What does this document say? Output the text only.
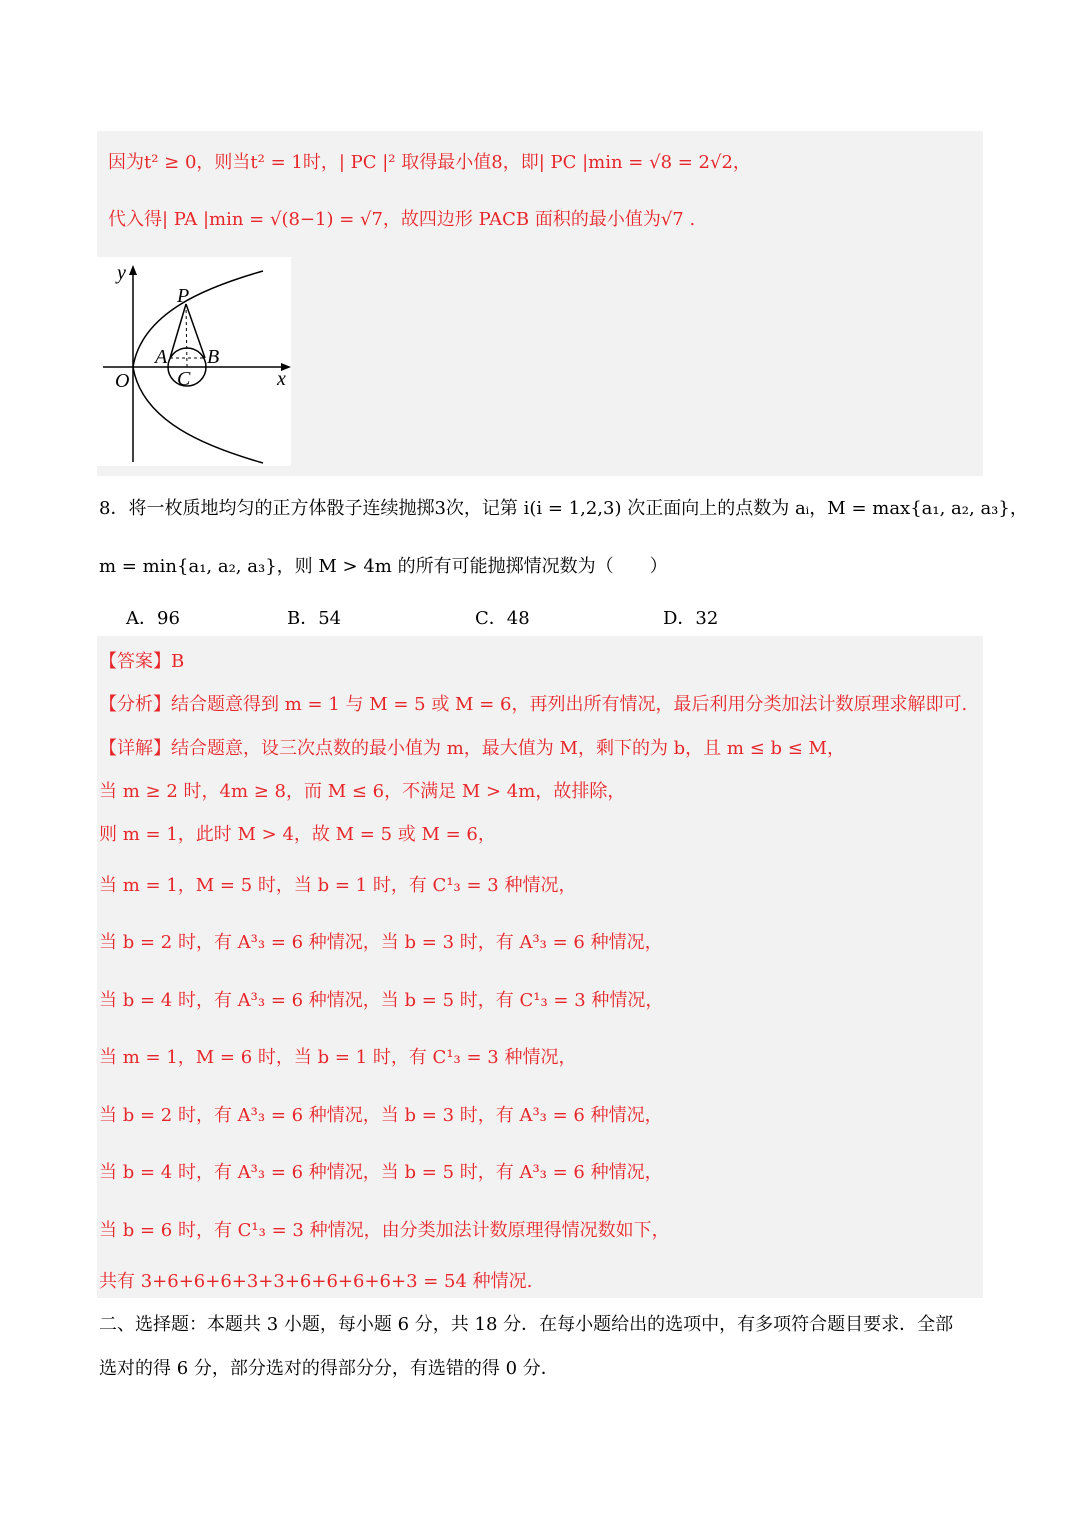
因为t² ≥ 0，则当t² = 1时，| PC |² 取得最小值8，即| PC |min = √8 = 2√2，
代入得| PA |min = √(8−1) = √7，故四边形 PACB 面积的最小值为√7 .
y
x
O
P
A B
C
8．将一枚质地均匀的正方体骰子连续抛掷3次，记第 i(i = 1,2,3) 次正面向上的点数为 aᵢ，M = max{a₁, a₂, a₃}，
m = min{a₁, a₂, a₃}，则 M > 4m 的所有可能抛掷情况数为（　　）
A．96	B．54	C．48	D．32
【答案】B
【分析】结合题意得到 m = 1 与 M = 5 或 M = 6，再列出所有情况，最后利用分类加法计数原理求解即可.
【详解】结合题意，设三次点数的最小值为 m，最大值为 M，剩下的为 b，且 m ≤ b ≤ M，
当 m ≥ 2 时，4m ≥ 8，而 M ≤ 6，不满足 M > 4m，故排除，
则 m = 1，此时 M > 4，故 M = 5 或 M = 6，
当 m = 1，M = 5 时，当 b = 1 时，有 C¹₃ = 3 种情况，
当 b = 2 时，有 A³₃ = 6 种情况，当 b = 3 时，有 A³₃ = 6 种情况，
当 b = 4 时，有 A³₃ = 6 种情况，当 b = 5 时，有 C¹₃ = 3 种情况，
当 m = 1，M = 6 时，当 b = 1 时，有 C¹₃ = 3 种情况，
当 b = 2 时，有 A³₃ = 6 种情况，当 b = 3 时，有 A³₃ = 6 种情况，
当 b = 4 时，有 A³₃ = 6 种情况，当 b = 5 时，有 A³₃ = 6 种情况，
当 b = 6 时，有 C¹₃ = 3 种情况，由分类加法计数原理得情况数如下，
共有 3+6+6+6+3+3+6+6+6+6+3 = 54 种情况.
二、选择题：本题共 3 小题，每小题 6 分，共 18 分．在每小题给出的选项中，有多项符合题目要求．全部
选对的得 6 分，部分选对的得部分分，有选错的得 0 分．
